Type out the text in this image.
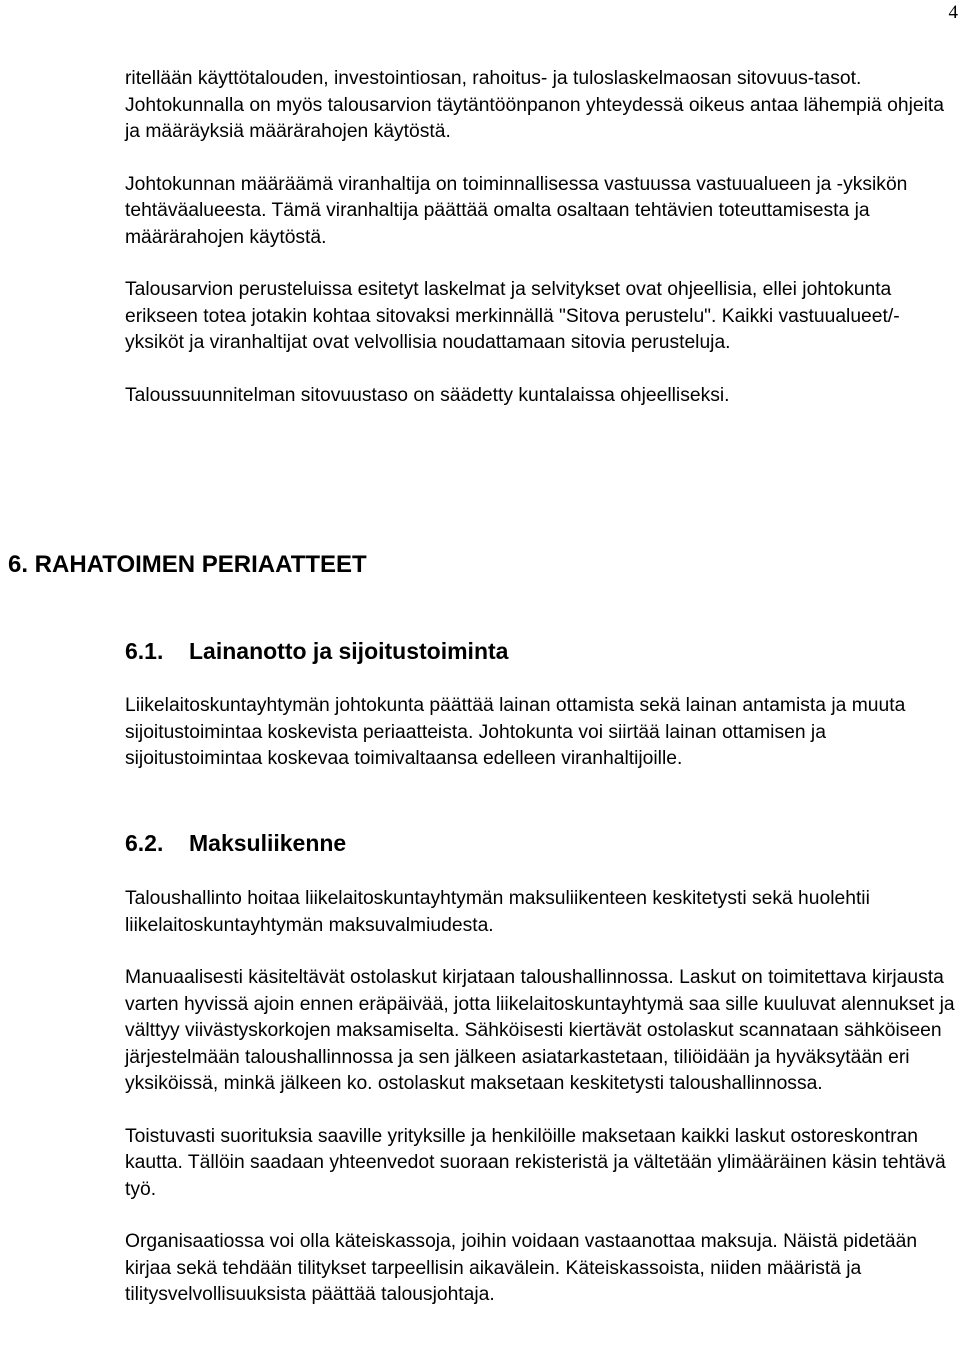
4

ritellään käyttötalouden, investointiosan, rahoitus- ja tuloslaskelmaosan sitovuus-tasot. Johtokunnalla on myös talousarvion täytäntöönpanon yhteydessä oikeus antaa lähempiä ohjeita ja määräyksiä määrärahojen käytöstä.

Johtokunnan määräämä viranhaltija on toiminnallisessa vastuussa vastuualueen ja -yksikön tehtäväalueesta. Tämä viranhaltija päättää omalta osaltaan tehtävien toteuttamisesta ja määrärahojen käytöstä.

Talousarvion perusteluissa esitetyt laskelmat ja selvitykset ovat ohjeellisia, ellei johtokunta erikseen totea jotakin kohtaa sitovaksi merkinnällä "Sitova perustelu". Kaikki vastuualueet/-yksiköt ja viranhaltijat ovat velvollisia noudattamaan sitovia perusteluja.

Taloussuunnitelman sitovuustaso on säädetty kuntalaissa ohjeelliseksi.

6. RAHATOIMEN PERIAATTEET
6.1. Lainanotto ja sijoitustoiminta

Liikelaitoskuntayhtymän johtokunta päättää lainan ottamista sekä lainan antamista ja muuta sijoitustoimintaa koskevista periaatteista. Johtokunta voi siirtää lainan ottamisen ja sijoitustoimintaa koskevaa toimivaltaansa edelleen viranhaltijoille.

6.2. Maksuliikenne

Taloushallinto hoitaa liikelaitoskuntayhtymän maksuliikenteen keskitetysti sekä huolehtii liikelaitoskuntayhtymän maksuvalmiudesta.

Manuaalisesti käsiteltävät ostolaskut kirjataan taloushallinnossa. Laskut on toimitettava kirjausta varten hyvissä ajoin ennen eräpäivää, jotta liikelaitoskuntayhtymä saa sille kuuluvat alennukset ja välttyy viivästyskorkojen maksamiselta. Sähköisesti kiertävät ostolaskut scannataan sähköiseen järjestelmään taloushallinnossa ja sen jälkeen asiatarkastetaan, tiliöidään ja hyväksytään eri yksiköissä, minkä jälkeen ko. ostolaskut maksetaan keskitetysti taloushallinnossa.

Toistuvasti suorituksia saaville yrityksille ja henkilöille maksetaan kaikki laskut ostoreskontran kautta. Tällöin saadaan yhteenvedot suoraan rekisteristä ja vältetään ylimääräinen käsin tehtävä työ.

Organisaatiossa voi olla käteiskassoja, joihin voidaan vastaanottaa maksuja. Näistä pidetään kirjaa sekä tehdään tilitykset tarpeellisin aikavälein. Käteiskassoista, niiden määristä ja tilitysvelvollisuuksista päättää talousjohtaja.
